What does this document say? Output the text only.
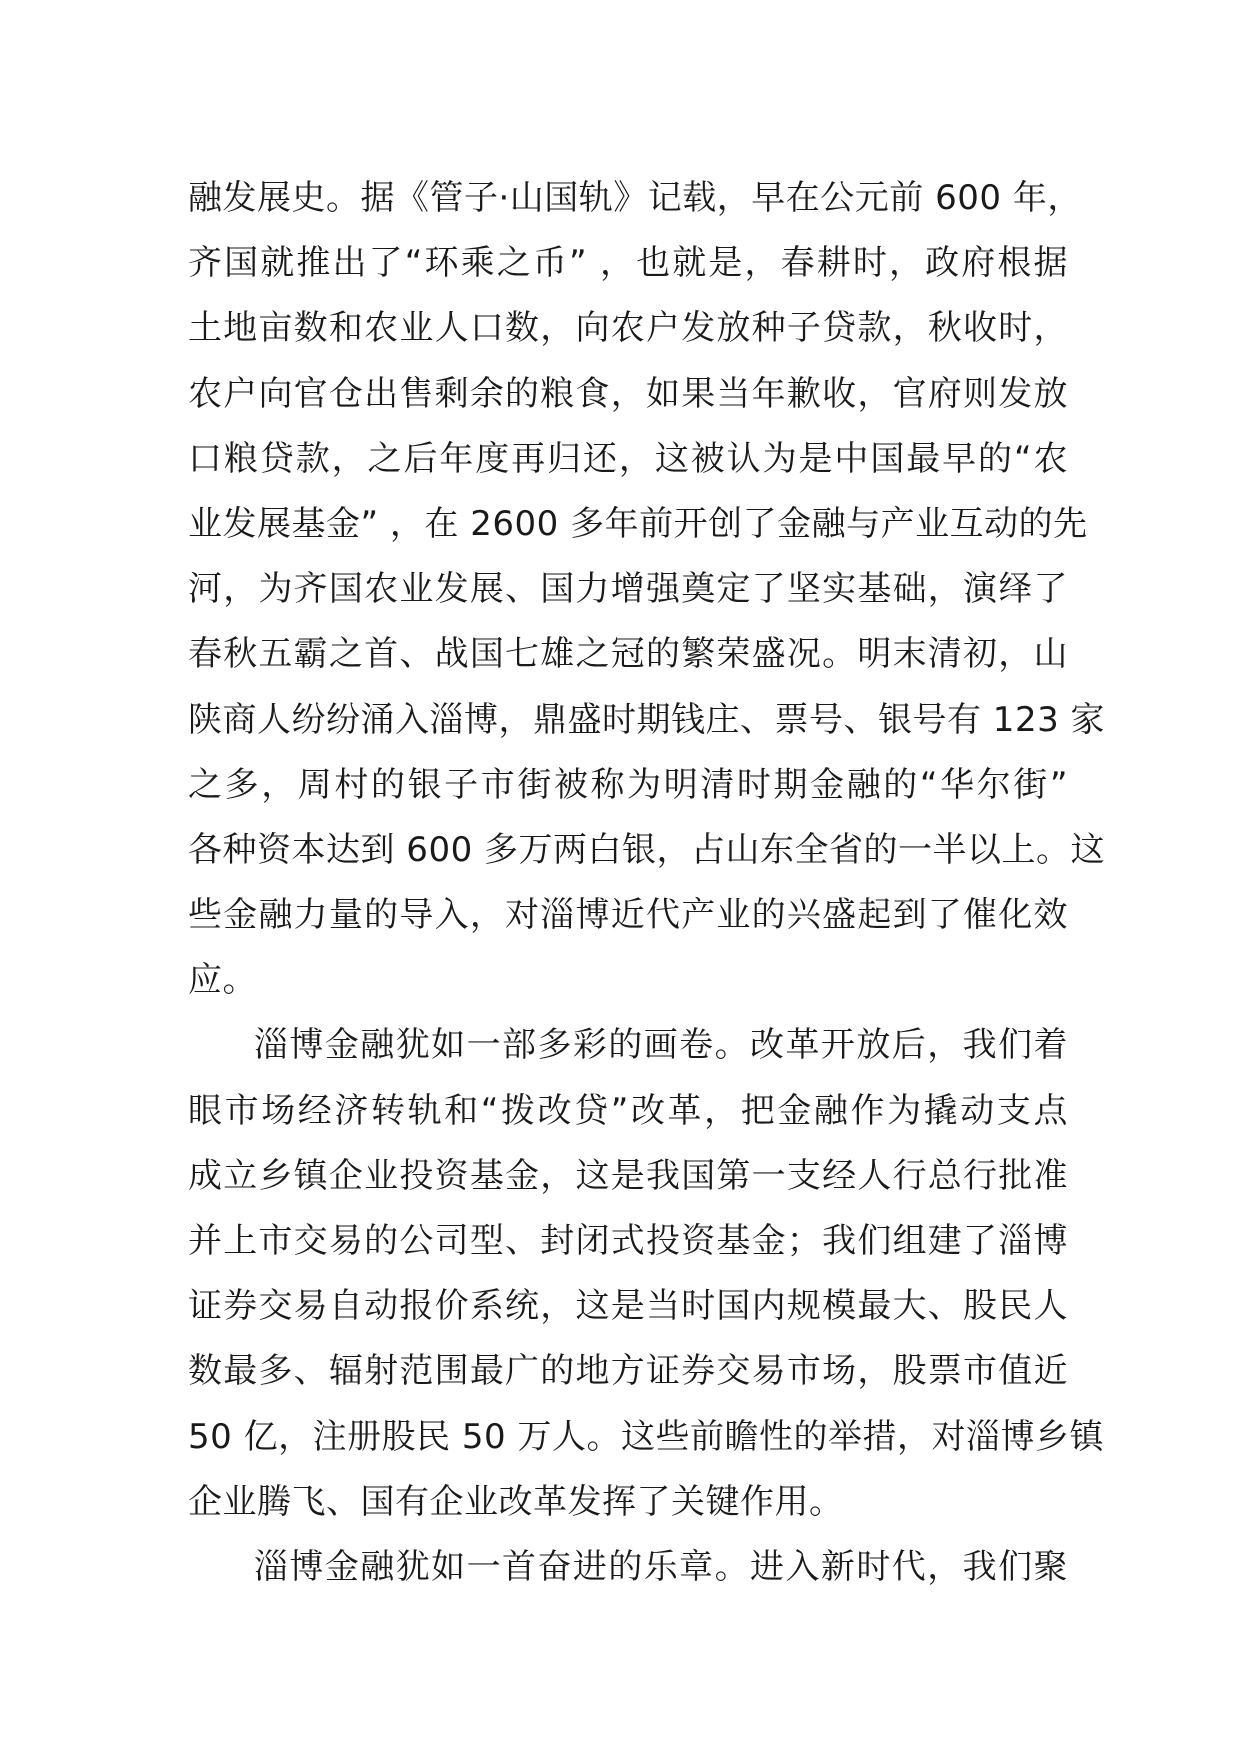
融发展史。据《管子·山国轨》记载，早在公元前 600 年，
齐国就推出了“环乘之币” ，也就是，春耕时，政府根据
土地亩数和农业人口数，向农户发放种子贷款，秋收时，
农户向官仓出售剩余的粮食，如果当年歉收，官府则发放
口粮贷款，之后年度再归还，这被认为是中国最早的“农
业发展基金” ，在 2600 多年前开创了金融与产业互动的先
河，为齐国农业发展、国力增强奠定了坚实基础，演绎了
春秋五霸之首、战国七雄之冠的繁荣盛况。明末清初，山
陕商人纷纷涌入淄博，鼎盛时期钱庄、票号、银号有 123 家
之多，周村的银子市街被称为明清时期金融的“华尔街”
各种资本达到 600 多万两白银，占山东全省的一半以上。这
些金融力量的导入，对淄博近代产业的兴盛起到了催化效
应。
淄博金融犹如一部多彩的画卷。改革开放后，我们着
眼市场经济转轨和“拨改贷”改革，把金融作为撬动支点
成立乡镇企业投资基金，这是我国第一支经人行总行批准
并上市交易的公司型、封闭式投资基金；我们组建了淄博
证券交易自动报价系统，这是当时国内规模最大、股民人
数最多、辐射范围最广的地方证券交易市场，股票市值近
50 亿，注册股民 50 万人。这些前瞻性的举措，对淄博乡镇
企业腾飞、国有企业改革发挥了关键作用。
淄博金融犹如一首奋进的乐章。进入新时代，我们聚
